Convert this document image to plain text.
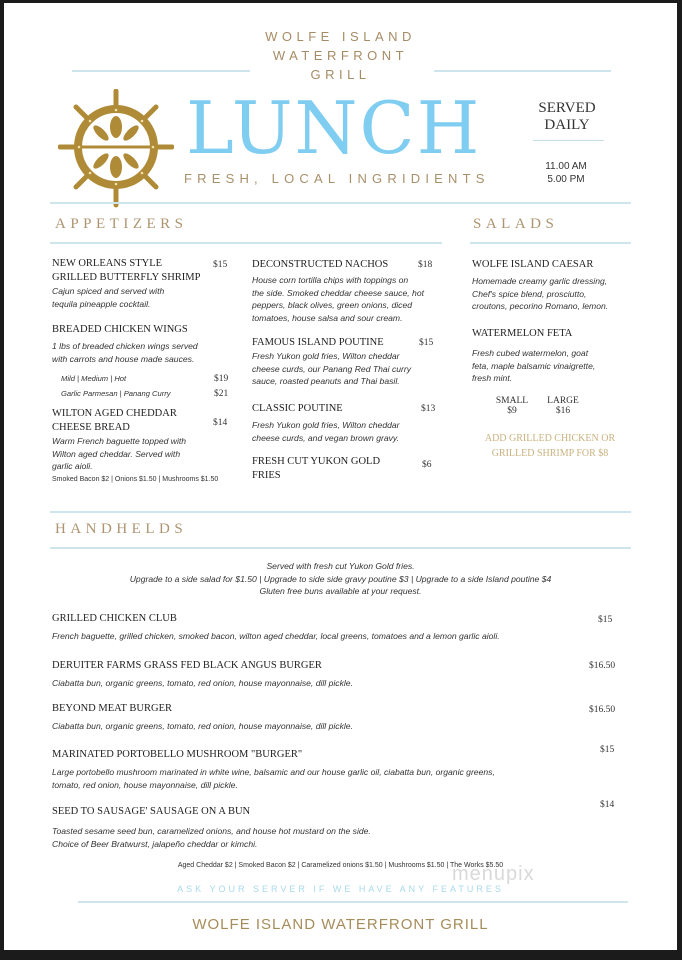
WOLFE ISLAND
WATERFRONT
GRILL
LUNCH
FRESH, LOCAL INGRIDIENTS
SERVED
DAILY
11.00 AM
5.00 PM
APPETIZERS
NEW ORLEANS STYLE
GRILLED BUTTERFLY SHRIMP
Cajun spiced and served with
tequila pineapple cocktail.
$15
BREADED CHICKEN WINGS
1 lbs of breaded chicken wings served
with carrots and house made sauces.
Mild | Medium | Hot	$19
Garlic Parmesan | Panang Curry	$21
WILTON AGED CHEDDAR
CHEESE BREAD
Warm French baguette topped with
Wilton aged cheddar. Served with
garlic aioli.
Smoked Bacon $2 | Onions $1.50 | Mushrooms $1.50
$14
DECONSTRUCTED NACHOS
House corn tortilla chips with toppings on
the side. Smoked cheddar cheese sauce, hot
peppers, black olives, green onions, diced
tomatoes, house salsa and sour cream.
$18
FAMOUS ISLAND POUTINE
Fresh Yukon gold fries, Wilton cheddar
cheese curds, our Panang Red Thai curry
sauce, roasted peanuts and Thai basil.
$15
CLASSIC POUTINE
Fresh Yukon gold fries, Wilton cheddar
cheese curds, and vegan brown gravy.
$13
FRESH CUT YUKON GOLD
FRIES
$6
SALADS
WOLFE ISLAND CAESAR
Homemade creamy garlic dressing,
Chef's spice blend, prosciutto,
croutons, pecorino Romano, lemon.
WATERMELON FETA
Fresh cubed watermelon, goat
feta, maple balsamic vinaigrette,
fresh mint.
SMALL
$9
LARGE
$16
ADD GRILLED CHICKEN OR
GRILLED SHRIMP FOR $8
HANDHELDS
Served with fresh cut Yukon Gold fries.
Upgrade to a side salad for $1.50 | Upgrade to side side gravy poutine $3 | Upgrade to a side Island poutine $4
Gluten free buns available at your request.
GRILLED CHICKEN CLUB
French baguette, grilled chicken, smoked bacon, wilton aged cheddar, local greens, tomatoes and a lemon garlic aioli.
$15
DERUITER FARMS GRASS FED BLACK ANGUS BURGER
Ciabatta bun, organic greens, tomato, red onion, house mayonnaise, dill pickle.
$16.50
BEYOND MEAT BURGER
Ciabatta bun, organic greens, tomato, red onion, house mayonnaise, dill pickle.
$16.50
MARINATED PORTOBELLO MUSHROOM "BURGER"
Large portobello mushroom marinated in white wine, balsamic and our house garlic oil, ciabatta bun, organic greens,
tomato, red onion, house mayonnaise, dill pickle.
$15
SEED TO SAUSAGE' SAUSAGE ON A BUN
Toasted sesame seed bun, caramelized onions, and house hot mustard on the side.
Choice of Beer Bratwurst, jalapeño cheddar or kimchi.
$14
Aged Cheddar $2 | Smoked Bacon $2 | Caramelized onions $1.50 | Mushrooms $1.50 | The Works $5.50
menupix
ASK YOUR SERVER IF WE HAVE ANY FEATURES
WOLFE ISLAND WATERFRONT GRILL
